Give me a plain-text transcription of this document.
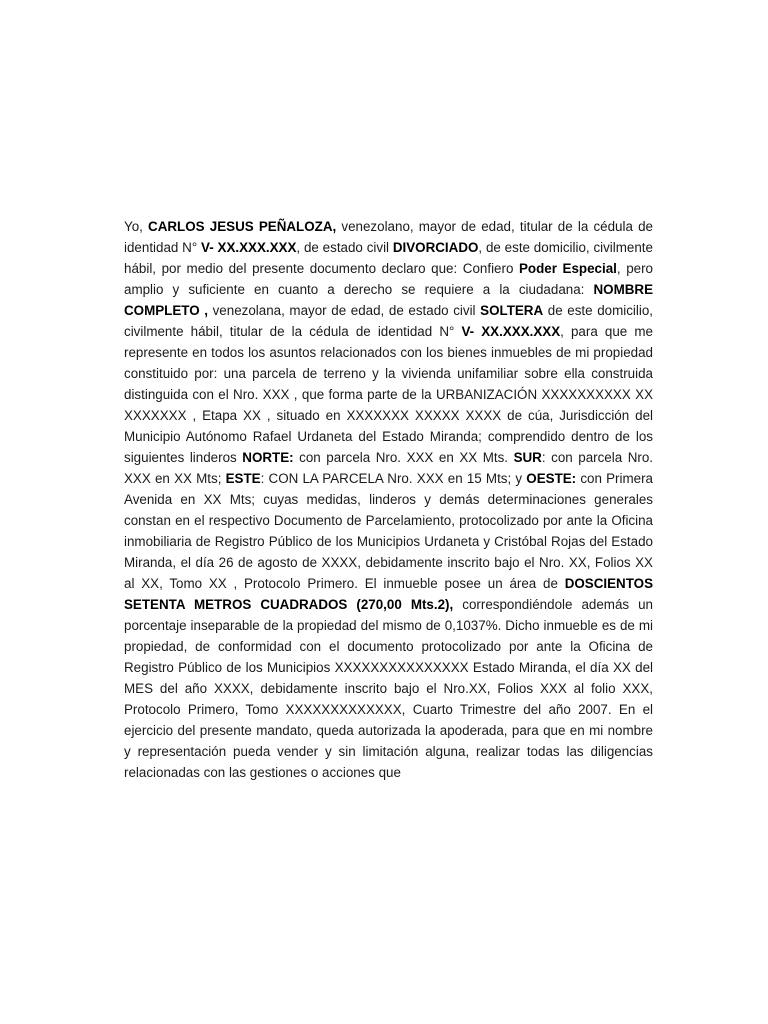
Yo, CARLOS JESUS PEÑALOZA, venezolano, mayor de edad, titular de la cédula de identidad N° V- XX.XXX.XXX, de estado civil DIVORCIADO, de este domicilio, civilmente hábil, por medio del presente documento declaro que: Confiero Poder Especial, pero amplio y suficiente en cuanto a derecho se requiere a la ciudadana: NOMBRE COMPLETO , venezolana, mayor de edad, de estado civil SOLTERA de este domicilio, civilmente hábil, titular de la cédula de identidad N° V- XX.XXX.XXX, para que me represente en todos los asuntos relacionados con los bienes inmuebles de mi propiedad constituido por: una parcela de terreno y la vivienda unifamiliar sobre ella construida distinguida con el Nro. XXX , que forma parte de la URBANIZACIÓN XXXXXXXXXX XX XXXXXXX , Etapa XX , situado en XXXXXXX XXXXX XXXX de cúa, Jurisdicción del Municipio Autónomo Rafael Urdaneta del Estado Miranda; comprendido dentro de los siguientes linderos NORTE: con parcela Nro. XXX en XX Mts. SUR: con parcela Nro. XXX en XX Mts; ESTE: CON LA PARCELA Nro. XXX en 15 Mts; y OESTE: con Primera Avenida en XX Mts; cuyas medidas, linderos y demás determinaciones generales constan en el respectivo Documento de Parcelamiento, protocolizado por ante la Oficina inmobiliaria de Registro Público de los Municipios Urdaneta y Cristóbal Rojas del Estado Miranda, el día 26 de agosto de XXXX, debidamente inscrito bajo el Nro. XX, Folios XX al XX, Tomo XX , Protocolo Primero. El inmueble posee un área de DOSCIENTOS SETENTA METROS CUADRADOS (270,00 Mts.2), correspondiéndole además un porcentaje inseparable de la propiedad del mismo de 0,1037%. Dicho inmueble es de mi propiedad, de conformidad con el documento protocolizado por ante la Oficina de Registro Público de los Municipios XXXXXXXXXXXXXXX Estado Miranda, el día XX del MES del año XXXX, debidamente inscrito bajo el Nro.XX, Folios XXX al folio XXX, Protocolo Primero, Tomo XXXXXXXXXXXXX, Cuarto Trimestre del año 2007. En el ejercicio del presente mandato, queda autorizada la apoderada, para que en mi nombre y representación pueda vender y sin limitación alguna, realizar todas las diligencias relacionadas con las gestiones o acciones que
